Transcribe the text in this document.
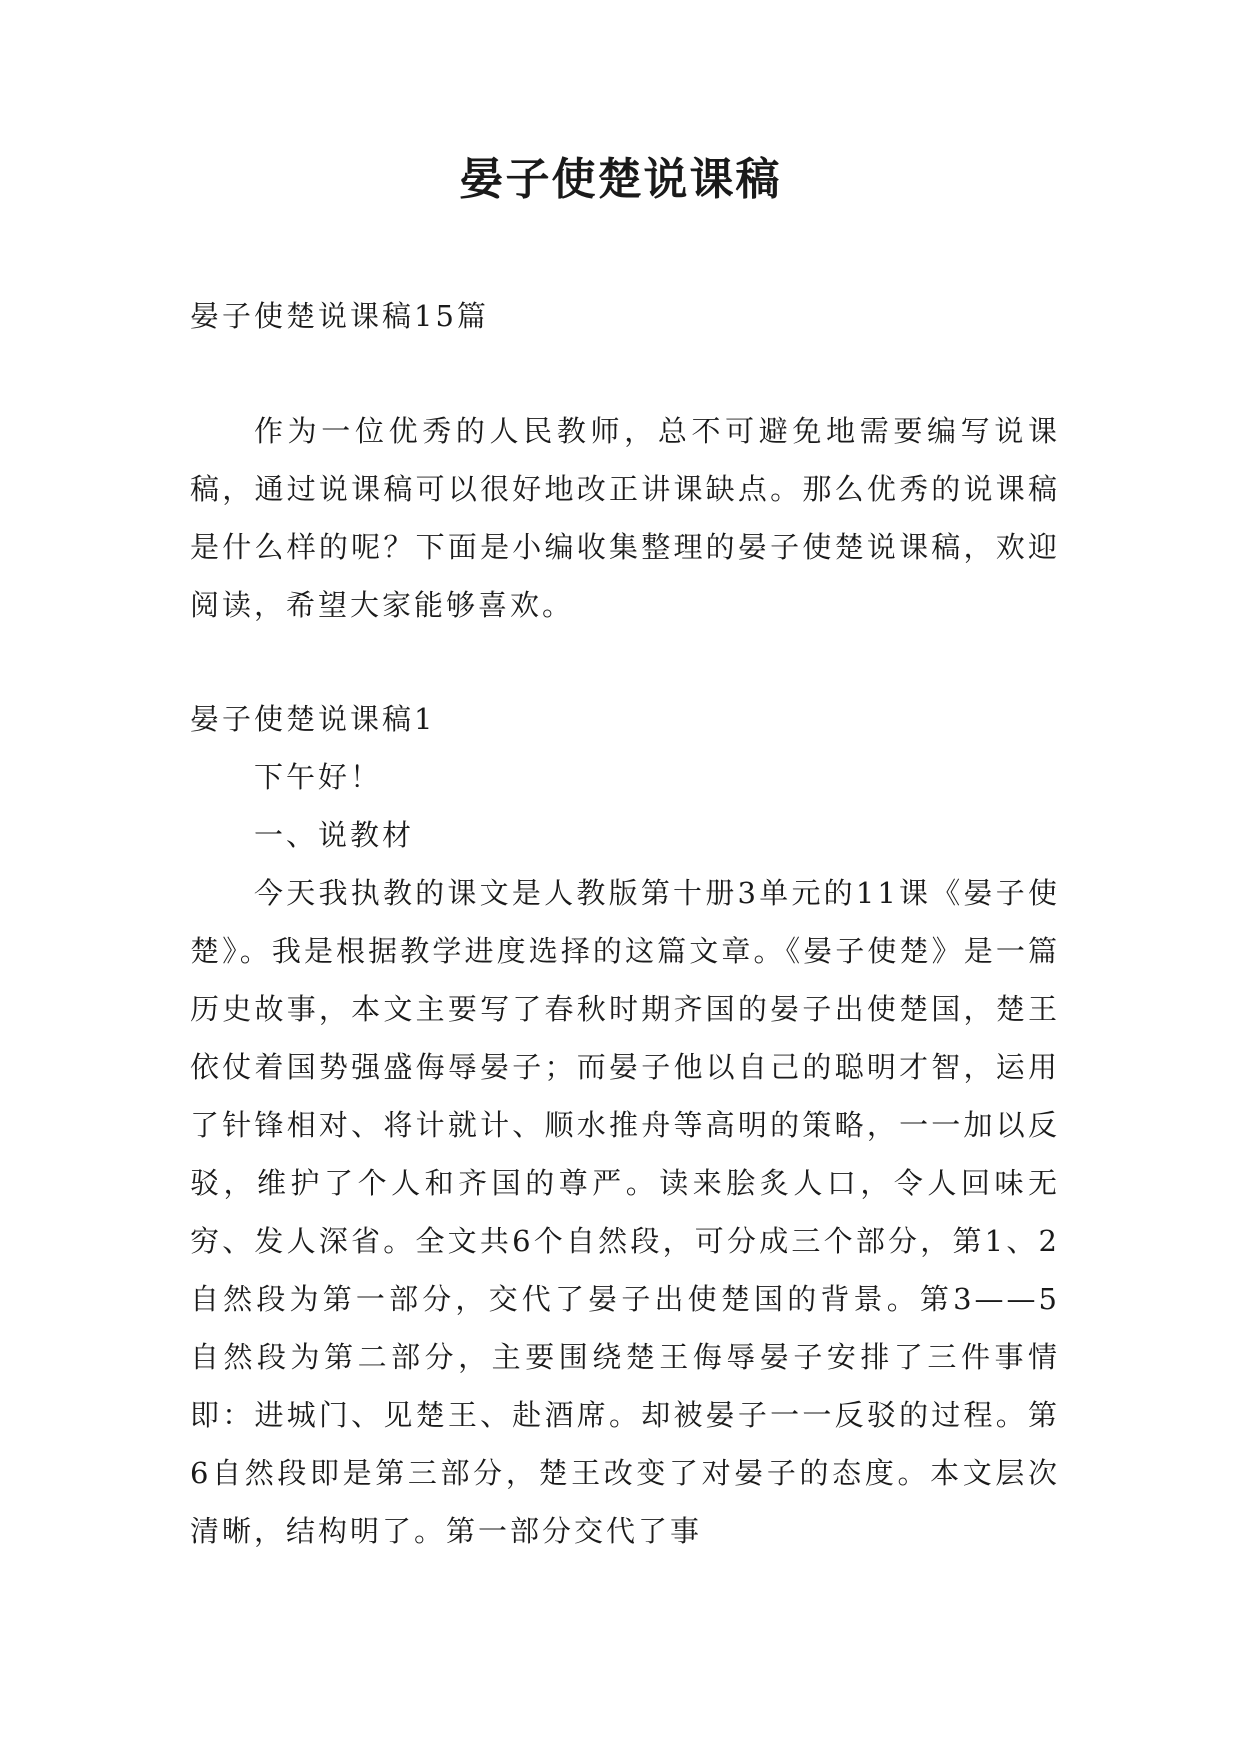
晏子使楚说课稿

晏子使楚说课稿15篇

作为一位优秀的人民教师，总不可避免地需要编写说课稿，通过说课稿可以很好地改正讲课缺点。那么优秀的说课稿是什么样的呢？下面是小编收集整理的晏子使楚说课稿，欢迎阅读，希望大家能够喜欢。

晏子使楚说课稿1

下午好！

一、说教材

今天我执教的课文是人教版第十册3单元的11课《晏子使楚》。我是根据教学进度选择的这篇文章。《晏子使楚》是一篇历史故事，本文主要写了春秋时期齐国的晏子出使楚国，楚王依仗着国势强盛侮辱晏子；而晏子他以自己的聪明才智，运用了针锋相对、将计就计、顺水推舟等高明的策略，一一加以反驳，维护了个人和齐国的尊严。读来脍炙人口，令人回味无穷、发人深省。全文共6个自然段，可分成三个部分，第1、2自然段为第一部分，交代了晏子出使楚国的背景。第3——5自然段为第二部分，主要围绕楚王侮辱晏子安排了三件事情即：进城门、见楚王、赴酒席。却被晏子一一反驳的过程。第6自然段即是第三部分，楚王改变了对晏子的态度。本文层次清晰，结构明了。第一部分交代了事
